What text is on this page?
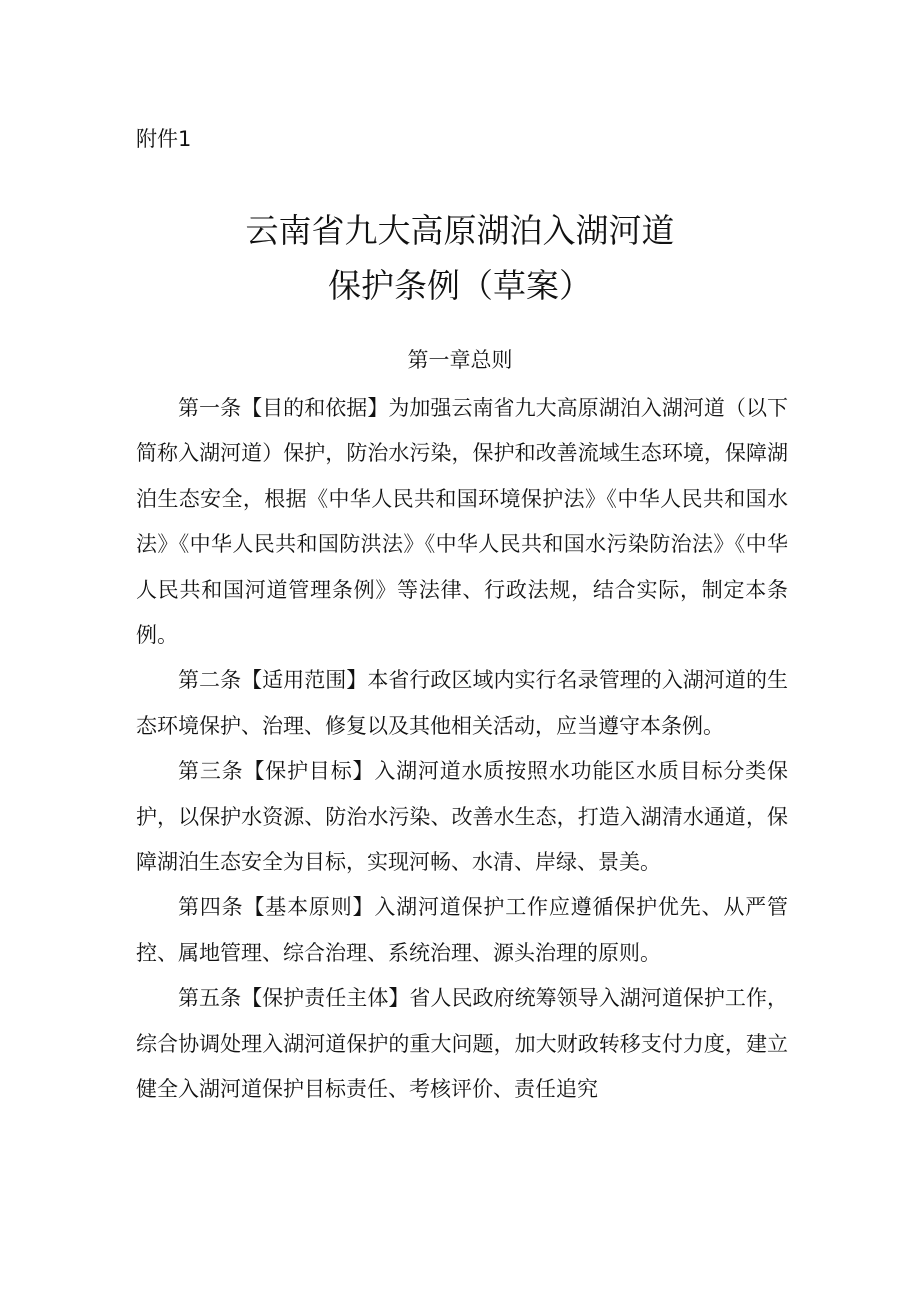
附件1

云南省九大高原湖泊入湖河道
保护条例（草案）
第一章总则

第一条【目的和依据】为加强云南省九大高原湖泊入湖河道（以下简称入湖河道）保护，防治水污染，保护和改善流域生态环境，保障湖泊生态安全，根据《中华人民共和国环境保护法》《中华人民共和国水法》《中华人民共和国防洪法》《中华人民共和国水污染防治法》《中华人民共和国河道管理条例》等法律、行政法规，结合实际，制定本条例。

第二条【适用范围】本省行政区域内实行名录管理的入湖河道的生态环境保护、治理、修复以及其他相关活动，应当遵守本条例。

第三条【保护目标】入湖河道水质按照水功能区水质目标分类保护，以保护水资源、防治水污染、改善水生态，打造入湖清水通道，保障湖泊生态安全为目标，实现河畅、水清、岸绿、景美。

第四条【基本原则】入湖河道保护工作应遵循保护优先、从严管控、属地管理、综合治理、系统治理、源头治理的原则。

第五条【保护责任主体】省人民政府统筹领导入湖河道保护工作，综合协调处理入湖河道保护的重大问题，加大财政转移支付力度，建立健全入湖河道保护目标责任、考核评价、责任追究
